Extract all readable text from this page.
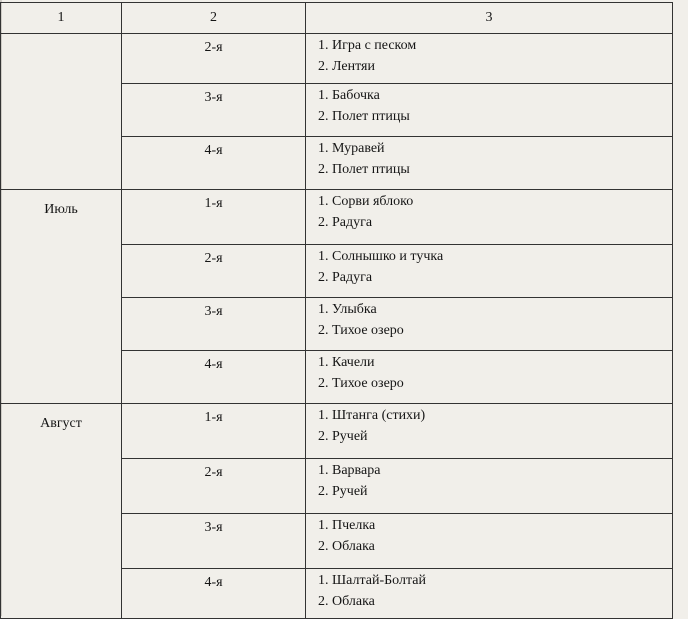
1	2	3
	2-я	1. Игра с песком
2. Лентяи

	3-я	1. Бабочка
2. Полет птицы

	4-я	1. Муравей
2. Полет птицы

Июль	1-я	1. Сорви яблоко
2. Радуга

	2-я	1. Солнышко и тучка
2. Радуга

	3-я	1. Улыбка
2. Тихое озеро

	4-я	1. Качели
2. Тихое озеро

Август	1-я	1. Штанга (стихи)
2. Ручей

	2-я	1. Варвара
2. Ручей

	3-я	1. Пчелка
2. Облака

	4-я	1. Шалтай-Болтай
2. Облака
